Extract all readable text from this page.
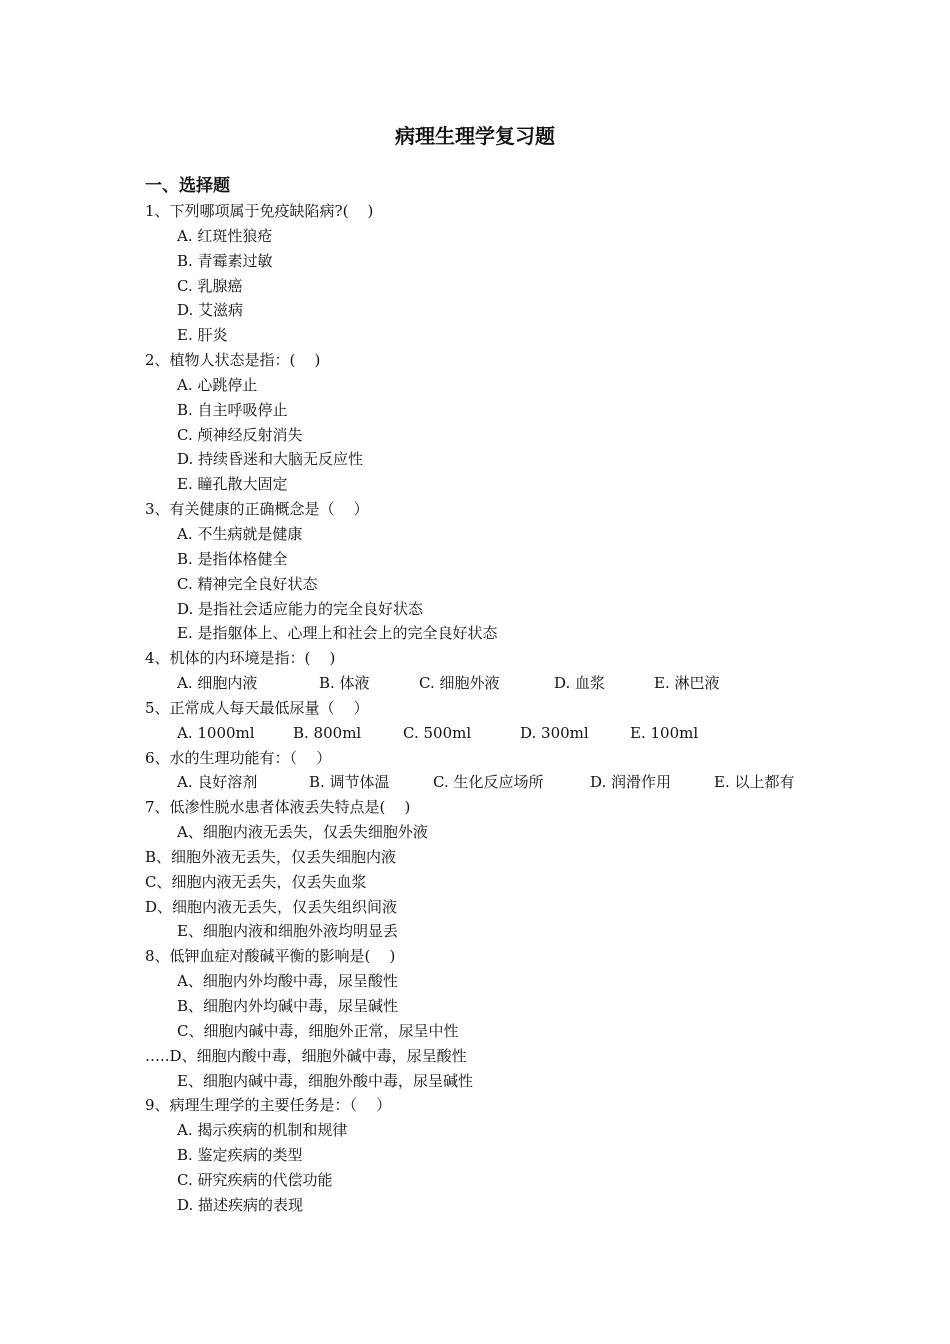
病理生理学复习题
一、选择题
1、下列哪项属于免疫缺陷病?(    )
A. 红斑性狼疮
B. 青霉素过敏
C. 乳腺癌
D. 艾滋病
E. 肝炎
2、植物人状态是指：(    )
A. 心跳停止
B. 自主呼吸停止
C. 颅神经反射消失
D. 持续昏迷和大脑无反应性
E. 瞳孔散大固定
3、有关健康的正确概念是（    ）
A. 不生病就是健康
B. 是指体格健全
C. 精神完全良好状态
D. 是指社会适应能力的完全良好状态
E. 是指躯体上、心理上和社会上的完全良好状态
4、机体的内环境是指：(    )
A. 细胞内液	B. 体液	C. 细胞外液	D. 血浆	E. 淋巴液
5、正常成人每天最低尿量（    ）
A. 1000ml	B. 800ml	C. 500ml	D. 300ml	E. 100ml
6、水的生理功能有：（    ）
A. 良好溶剂	B. 调节体温	C. 生化反应场所	D. 润滑作用	E. 以上都有
7、低渗性脱水患者体液丢失特点是(    )
A、细胞内液无丢失，仅丢失细胞外液
B、细胞外液无丢失，仅丢失细胞内液
C、细胞内液无丢失，仅丢失血浆
D、细胞内液无丢失，仅丢失组织间液
E、细胞内液和细胞外液均明显丢
8、低钾血症对酸碱平衡的影响是(    )
A、细胞内外均酸中毒，尿呈酸性
B、细胞内外均碱中毒，尿呈碱性
C、细胞内碱中毒，细胞外正常，尿呈中性
…..D、细胞内酸中毒，细胞外碱中毒，尿呈酸性
E、细胞内碱中毒，细胞外酸中毒，尿呈碱性
9、病理生理学的主要任务是：（    ）
A. 揭示疾病的机制和规律
B. 鉴定疾病的类型
C. 研究疾病的代偿功能
D. 描述疾病的表现
